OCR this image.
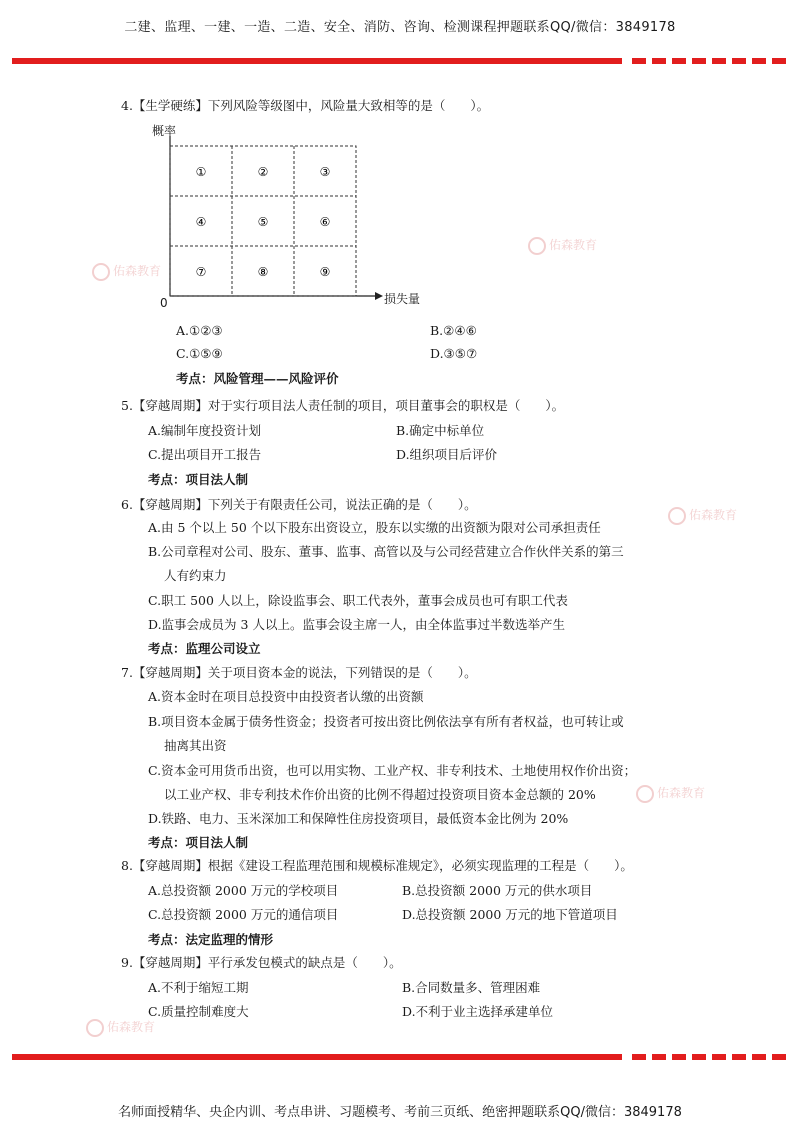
二建、监理、一建、一造、二造、安全、消防、咨询、检测课程押题联系QQ/微信：3849178
佑森教育
佑森教育
佑森教育
佑森教育
佑森教育
4.【生学硬练】下列风险等级图中，风险量大致相等的是（　　）。
概率
①	②	③
④	⑤	⑥
⑦	⑧	⑨
0	损失量
A.①②③	B.②④⑥
C.①⑤⑨	D.③⑤⑦
考点：风险管理——风险评价
5.【穿越周期】对于实行项目法人责任制的项目，项目董事会的职权是（　　）。
A.编制年度投资计划	B.确定中标单位
C.提出项目开工报告	D.组织项目后评价
考点：项目法人制
6.【穿越周期】下列关于有限责任公司，说法正确的是（　　）。
A.由 5 个以上 50 个以下股东出资设立，股东以实缴的出资额为限对公司承担责任
B.公司章程对公司、股东、董事、监事、高管以及与公司经营建立合作伙伴关系的第三
人有约束力
C.职工 500 人以上，除设监事会、职工代表外，董事会成员也可有职工代表
D.监事会成员为 3 人以上。监事会设主席一人，由全体监事过半数选举产生
考点：监理公司设立
7.【穿越周期】关于项目资本金的说法，下列错误的是（　　）。
A.资本金时在项目总投资中由投资者认缴的出资额
B.项目资本金属于债务性资金；投资者可按出资比例依法享有所有者权益，也可转让或
抽离其出资
C.资本金可用货币出资，也可以用实物、工业产权、非专利技术、土地使用权作价出资；
以工业产权、非专利技术作价出资的比例不得超过投资项目资本金总额的 20%
D.铁路、电力、玉米深加工和保障性住房投资项目，最低资本金比例为 20%
考点：项目法人制
8.【穿越周期】根据《建设工程监理范围和规模标准规定》，必须实现监理的工程是（　　）。
A.总投资额 2000 万元的学校项目	B.总投资额 2000 万元的供水项目
C.总投资额 2000 万元的通信项目	D.总投资额 2000 万元的地下管道项目
考点：法定监理的情形
9.【穿越周期】平行承发包模式的缺点是（　　）。
A.不利于缩短工期	B.合同数量多、管理困难
C.质量控制难度大	D.不利于业主选择承建单位
名师面授精华、央企内训、考点串讲、习题模考、考前三页纸、绝密押题联系QQ/微信：3849178
